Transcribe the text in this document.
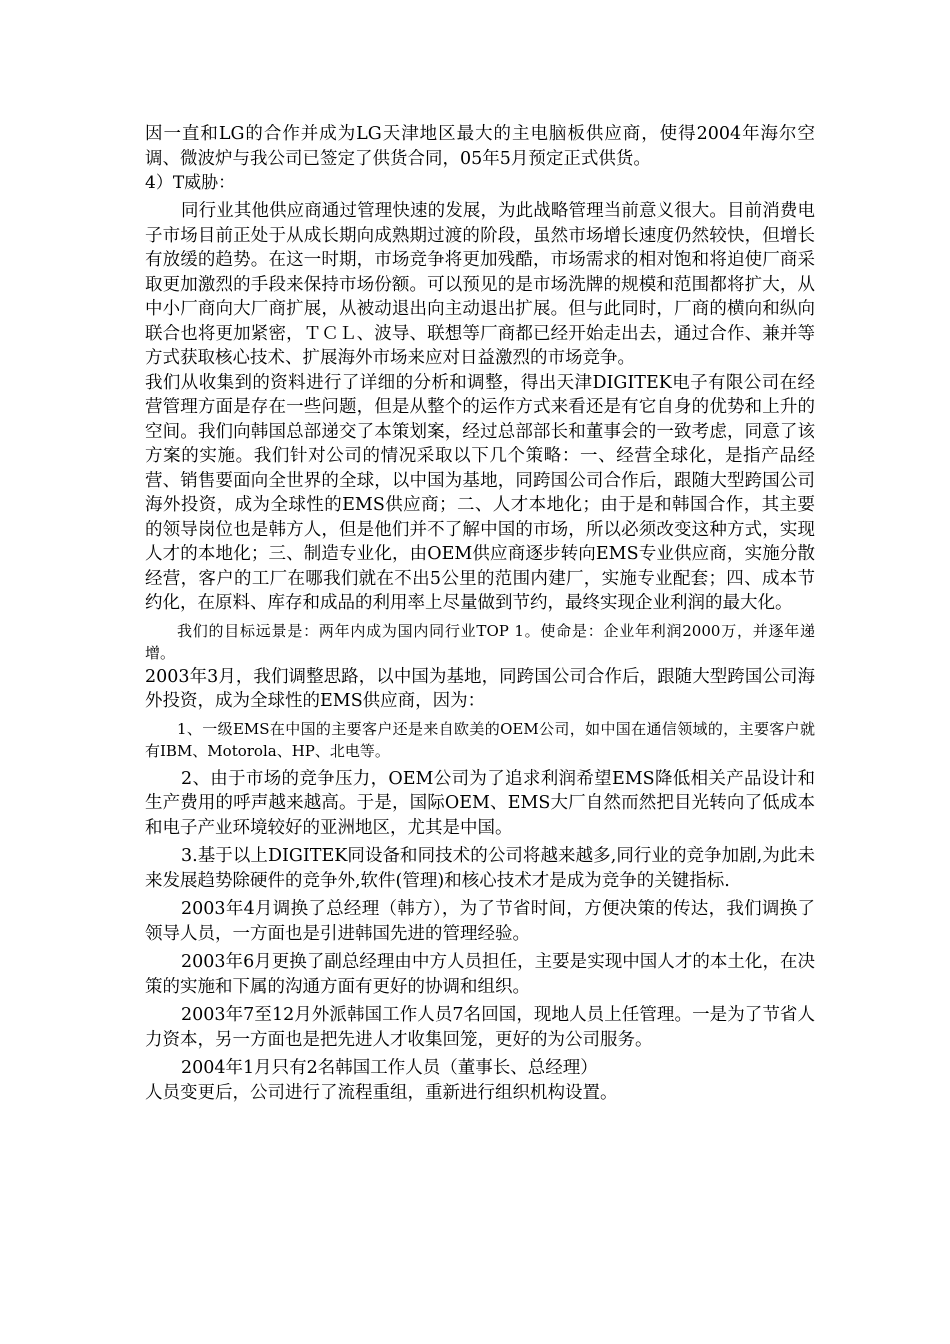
因一直和LG的合作并成为LG天津地区最大的主电脑板供应商，使得2004年海尔空调、微波炉与我公司已签定了供货合同，05年5月预定正式供货。

4）T威胁：

同行业其他供应商通过管理快速的发展，为此战略管理当前意义很大。目前消费电子市场目前正处于从成长期向成熟期过渡的阶段，虽然市场增长速度仍然较快，但增长有放缓的趋势。在这一时期，市场竞争将更加残酷，市场需求的相对饱和将迫使厂商采取更加激烈的手段来保持市场份额。可以预见的是市场洗牌的规模和范围都将扩大，从中小厂商向大厂商扩展，从被动退出向主动退出扩展。但与此同时，厂商的横向和纵向联合也将更加紧密，ＴＣＬ、波导、联想等厂商都已经开始走出去，通过合作、兼并等方式获取核心技术、扩展海外市场来应对日益激烈的市场竞争。

我们从收集到的资料进行了详细的分析和调整，得出天津DIGITEK电子有限公司在经营管理方面是存在一些问题，但是从整个的运作方式来看还是有它自身的优势和上升的空间。我们向韩国总部递交了本策划案，经过总部部长和董事会的一致考虑，同意了该方案的实施。我们针对公司的情况采取以下几个策略：一、经营全球化，是指产品经营、销售要面向全世界的全球，以中国为基地，同跨国公司合作后，跟随大型跨国公司海外投资，成为全球性的EMS供应商；二、人才本地化；由于是和韩国合作，其主要的领导岗位也是韩方人，但是他们并不了解中国的市场，所以必须改变这种方式，实现人才的本地化；三、制造专业化，由OEM供应商逐步转向EMS专业供应商，实施分散经营，客户的工厂在哪我们就在不出5公里的范围内建厂，实施专业配套；四、成本节约化，在原料、库存和成品的利用率上尽量做到节约，最终实现企业利润的最大化。

我们的目标远景是：两年内成为国内同行业TOP 1。使命是：企业年利润2000万，并逐年递增。

2003年3月，我们调整思路，以中国为基地，同跨国公司合作后，跟随大型跨国公司海外投资，成为全球性的EMS供应商，因为：

1、一级EMS在中国的主要客户还是来自欧美的OEM公司，如中国在通信领域的，主要客户就有IBM、Motorola、HP、北电等。

2、由于市场的竞争压力，OEM公司为了追求利润希望EMS降低相关产品设计和生产费用的呼声越来越高。于是，国际OEM、EMS大厂自然而然把目光转向了低成本和电子产业环境较好的亚洲地区，尤其是中国。

3.基于以上DIGITEK同设备和同技术的公司将越来越多,同行业的竞争加剧,为此未来发展趋势除硬件的竞争外,软件(管理)和核心技术才是成为竞争的关键指标.

2003年4月调换了总经理（韩方），为了节省时间，方便决策的传达，我们调换了领导人员，一方面也是引进韩国先进的管理经验。

2003年6月更换了副总经理由中方人员担任，主要是实现中国人才的本土化，在决策的实施和下属的沟通方面有更好的协调和组织。

2003年7至12月外派韩国工作人员7名回国，现地人员上任管理。一是为了节省人力资本，另一方面也是把先进人才收集回笼，更好的为公司服务。

2004年1月只有2名韩国工作人员（董事长、总经理）

人员变更后，公司进行了流程重组，重新进行组织机构设置。
